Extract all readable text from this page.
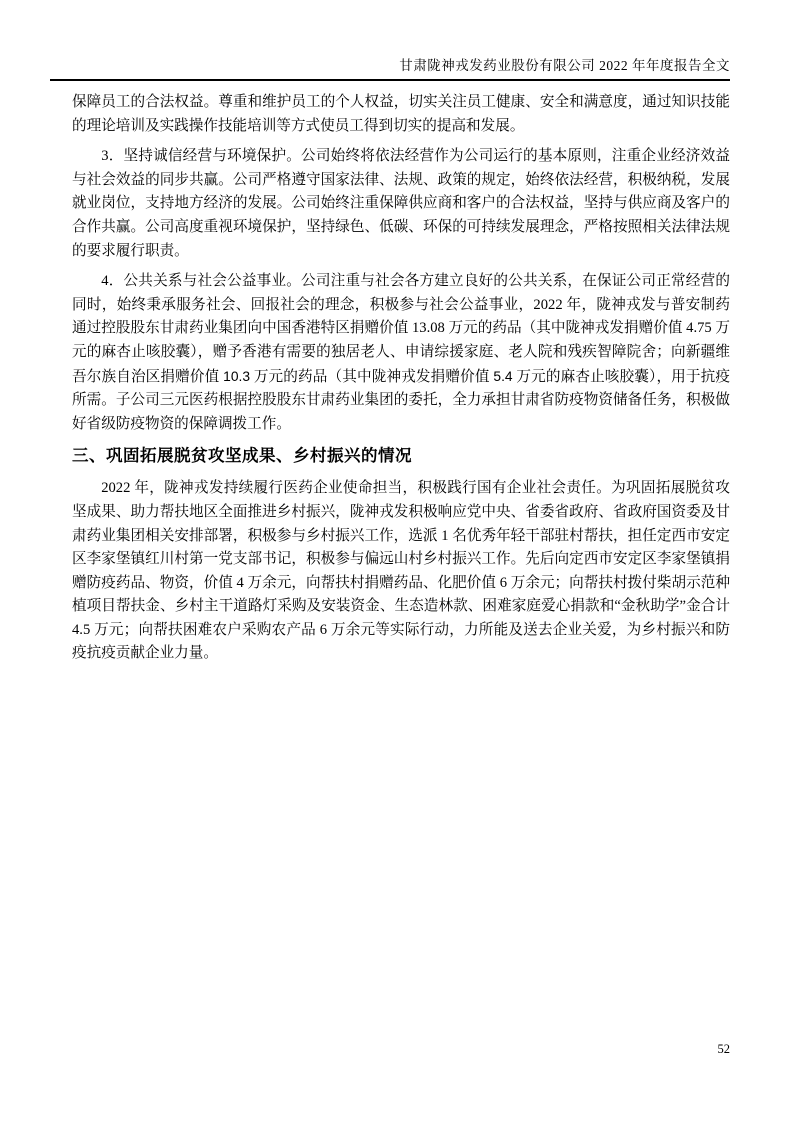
甘肃陇神戎发药业股份有限公司 2022 年年度报告全文

保障员工的合法权益。尊重和维护员工的个人权益，切实关注员工健康、安全和满意度，通过知识技能的理论培训及实践操作技能培训等方式使员工得到切实的提高和发展。

3．坚持诚信经营与环境保护。公司始终将依法经营作为公司运行的基本原则，注重企业经济效益与社会效益的同步共赢。公司严格遵守国家法律、法规、政策的规定，始终依法经营，积极纳税，发展就业岗位，支持地方经济的发展。公司始终注重保障供应商和客户的合法权益，坚持与供应商及客户的合作共赢。公司高度重视环境保护，坚持绿色、低碳、环保的可持续发展理念，严格按照相关法律法规的要求履行职责。

4．公共关系与社会公益事业。公司注重与社会各方建立良好的公共关系，在保证公司正常经营的同时，始终秉承服务社会、回报社会的理念，积极参与社会公益事业，2022 年，陇神戎发与普安制药通过控股股东甘肃药业集团向中国香港特区捐赠价值 13.08 万元的药品（其中陇神戎发捐赠价值 4.75 万元的麻杏止咳胶囊），赠予香港有需要的独居老人、申请综援家庭、老人院和残疾智障院舍；向新疆维吾尔族自治区捐赠价值 10.3 万元的药品（其中陇神戎发捐赠价值 5.4 万元的麻杏止咳胶囊），用于抗疫所需。子公司三元医药根据控股股东甘肃药业集团的委托，全力承担甘肃省防疫物资储备任务，积极做好省级防疫物资的保障调拨工作。

三、巩固拓展脱贫攻坚成果、乡村振兴的情况

2022 年，陇神戎发持续履行医药企业使命担当，积极践行国有企业社会责任。为巩固拓展脱贫攻坚成果、助力帮扶地区全面推进乡村振兴，陇神戎发积极响应党中央、省委省政府、省政府国资委及甘肃药业集团相关安排部署，积极参与乡村振兴工作，选派 1 名优秀年轻干部驻村帮扶，担任定西市安定区李家堡镇红川村第一党支部书记，积极参与偏远山村乡村振兴工作。先后向定西市安定区李家堡镇捐赠防疫药品、物资，价值 4 万余元，向帮扶村捐赠药品、化肥价值 6 万余元；向帮扶村拨付柴胡示范种植项目帮扶金、乡村主干道路灯采购及安装资金、生态造林款、困难家庭爱心捐款和“金秋助学”金合计 4.5 万元；向帮扶困难农户采购农产品 6 万余元等实际行动，力所能及送去企业关爱，为乡村振兴和防疫抗疫贡献企业力量。

52
